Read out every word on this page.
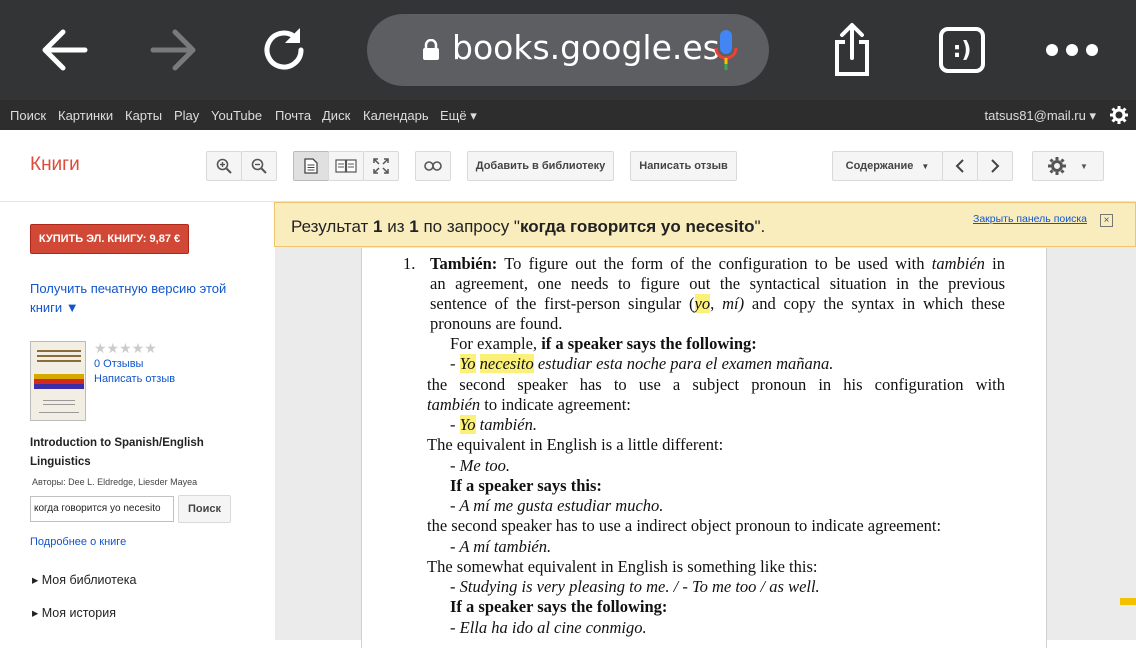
books.google.es	:)
Поиск Картинки Карты Play YouTube Почта Диск Календарь Ещё ▾	tatsus81@mail.ru ▾
Книги	Добавить в библиотеку	Написать отзыв	Содержание ▼	▼
КУПИТЬ ЭЛ. КНИГУ: 9,87 €
Получить печатную версию этой книги ▼
★★★★★
0 Отзывы
Написать отзыв
Introduction to Spanish/English Linguistics
Авторы: Dee L. Eldredge, Liesder Mayea
когда говорится yo necesito	Поиск
Подробнее о книге
▸ Моя библиотека
▸ Моя история
1. También: To figure out the form of the configuration to be used with también in
an agreement, one needs to figure out the syntactical situation in the previous
sentence of the first-person singular (yo, mí) and copy the syntax in which these
pronouns are found.
For example, if a speaker says the following:
- Yo necesito estudiar esta noche para el examen mañana.
the second speaker has to use a subject pronoun in his configuration with
también to indicate agreement:
- Yo también.
The equivalent in English is a little different:
- Me too.
If a speaker says this:
- A mí me gusta estudiar mucho.
the second speaker has to use a indirect object pronoun to indicate agreement:
- A mí también.
The somewhat equivalent in English is something like this:
- Studying is very pleasing to me. / - To me too / as well.
If a speaker says the following:
- Ella ha ido al cine conmigo.
Результат 1 из 1 по запросу "когда говорится yo necesito".	Закрыть панель поиска	×
